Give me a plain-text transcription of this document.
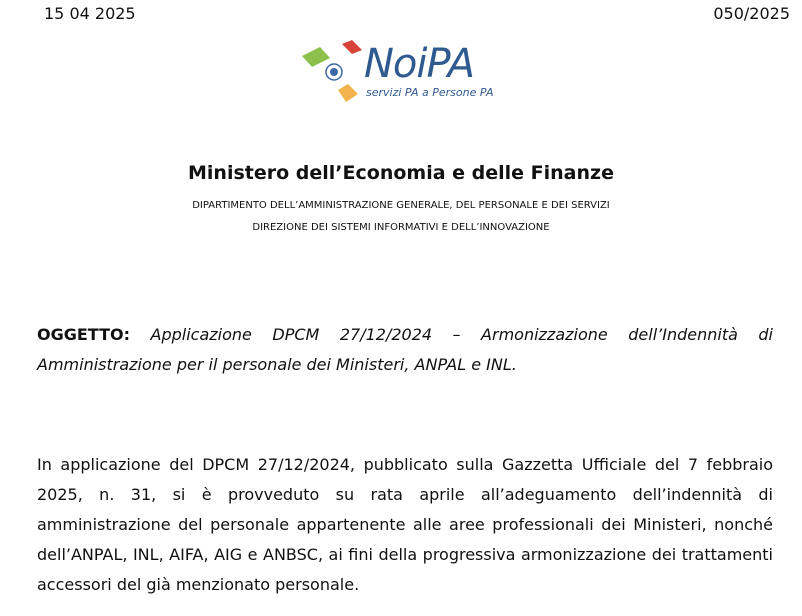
15 04 2025	050/2025
NoiPA
servizi PA a Persone PA
Ministero dell’Economia e delle Finanze
DIPARTIMENTO DELL’AMMINISTRAZIONE GENERALE, DEL PERSONALE E DEI SERVIZI
DIREZIONE DEI SISTEMI INFORMATIVI E DELL’INNOVAZIONE
OGGETTO: Applicazione DPCM 27/12/2024 – Armonizzazione dell’Indennità di Amministrazione per il personale dei Ministeri, ANPAL e INL.
In applicazione del DPCM 27/12/2024, pubblicato sulla Gazzetta Ufficiale del 7 febbraio 2025, n. 31, si è provveduto su rata aprile all’adeguamento dell’indennità di amministrazione del personale appartenente alle aree professionali dei Ministeri, nonché dell’ANPAL, INL, AIFA, AIG e ANBSC, ai fini della progressiva armonizzazione dei trattamenti accessori del già menzionato personale.
